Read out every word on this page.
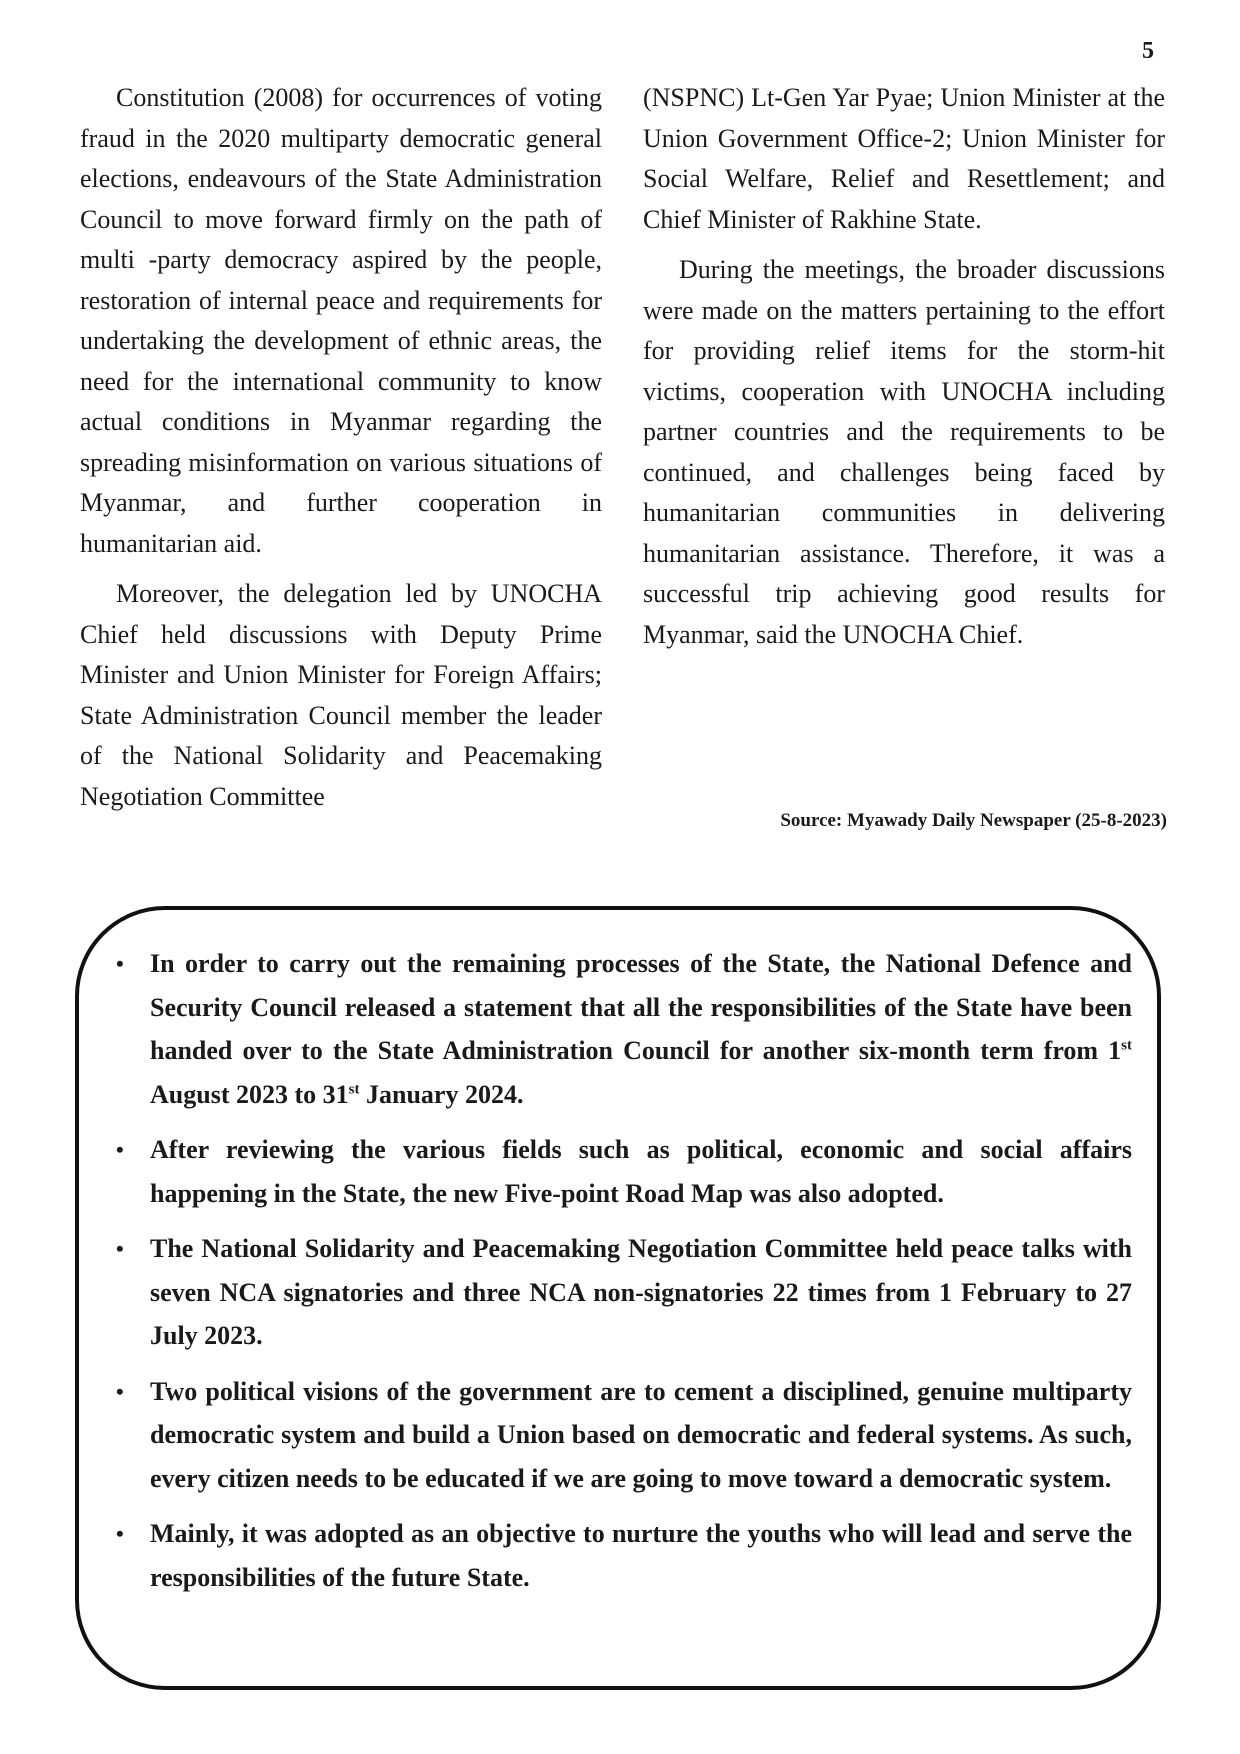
5

Constitution (2008) for occurrences of voting fraud in the 2020 multiparty democratic general elections, endeavours of the State Administration Council to move forward firmly on the path of multi -party democracy aspired by the people, restoration of internal peace and requirements for undertaking the development of ethnic areas, the need for the international community to know actual conditions in Myanmar regarding the spreading misinformation on various situations of Myanmar, and further cooperation in humanitarian aid.

Moreover, the delegation led by UNOCHA Chief held discussions with Deputy Prime Minister and Union Minister for Foreign Affairs; State Administration Council member the leader of the National Solidarity and Peacemaking Negotiation Committee

(NSPNC) Lt-Gen Yar Pyae; Union Minister at the Union Government Office-2; Union Minister for Social Welfare, Relief and Resettlement; and Chief Minister of Rakhine State.

During the meetings, the broader discussions were made on the matters pertaining to the effort for providing relief items for the storm-hit victims, cooperation with UNOCHA including partner countries and the requirements to be continued, and challenges being faced by humanitarian communities in delivering humanitarian assistance. Therefore, it was a successful trip achieving good results for Myanmar, said the UNOCHA Chief.

Source: Myawady Daily Newspaper (25-8-2023)
• In order to carry out the remaining processes of the State, the National Defence and Security Council released a statement that all the responsibilities of the State have been handed over to the State Administration Council for another six-month term from 1st August 2023 to 31st January 2024.
• After reviewing the various fields such as political, economic and social affairs happening in the State, the new Five-point Road Map was also adopted.
• The National Solidarity and Peacemaking Negotiation Committee held peace talks with seven NCA signatories and three NCA non-signatories 22 times from 1 February to 27 July 2023.
• Two political visions of the government are to cement a disciplined, genuine multiparty democratic system and build a Union based on democratic and federal systems. As such, every citizen needs to be educated if we are going to move toward a democratic system.
• Mainly, it was adopted as an objective to nurture the youths who will lead and serve the responsibilities of the future State.
